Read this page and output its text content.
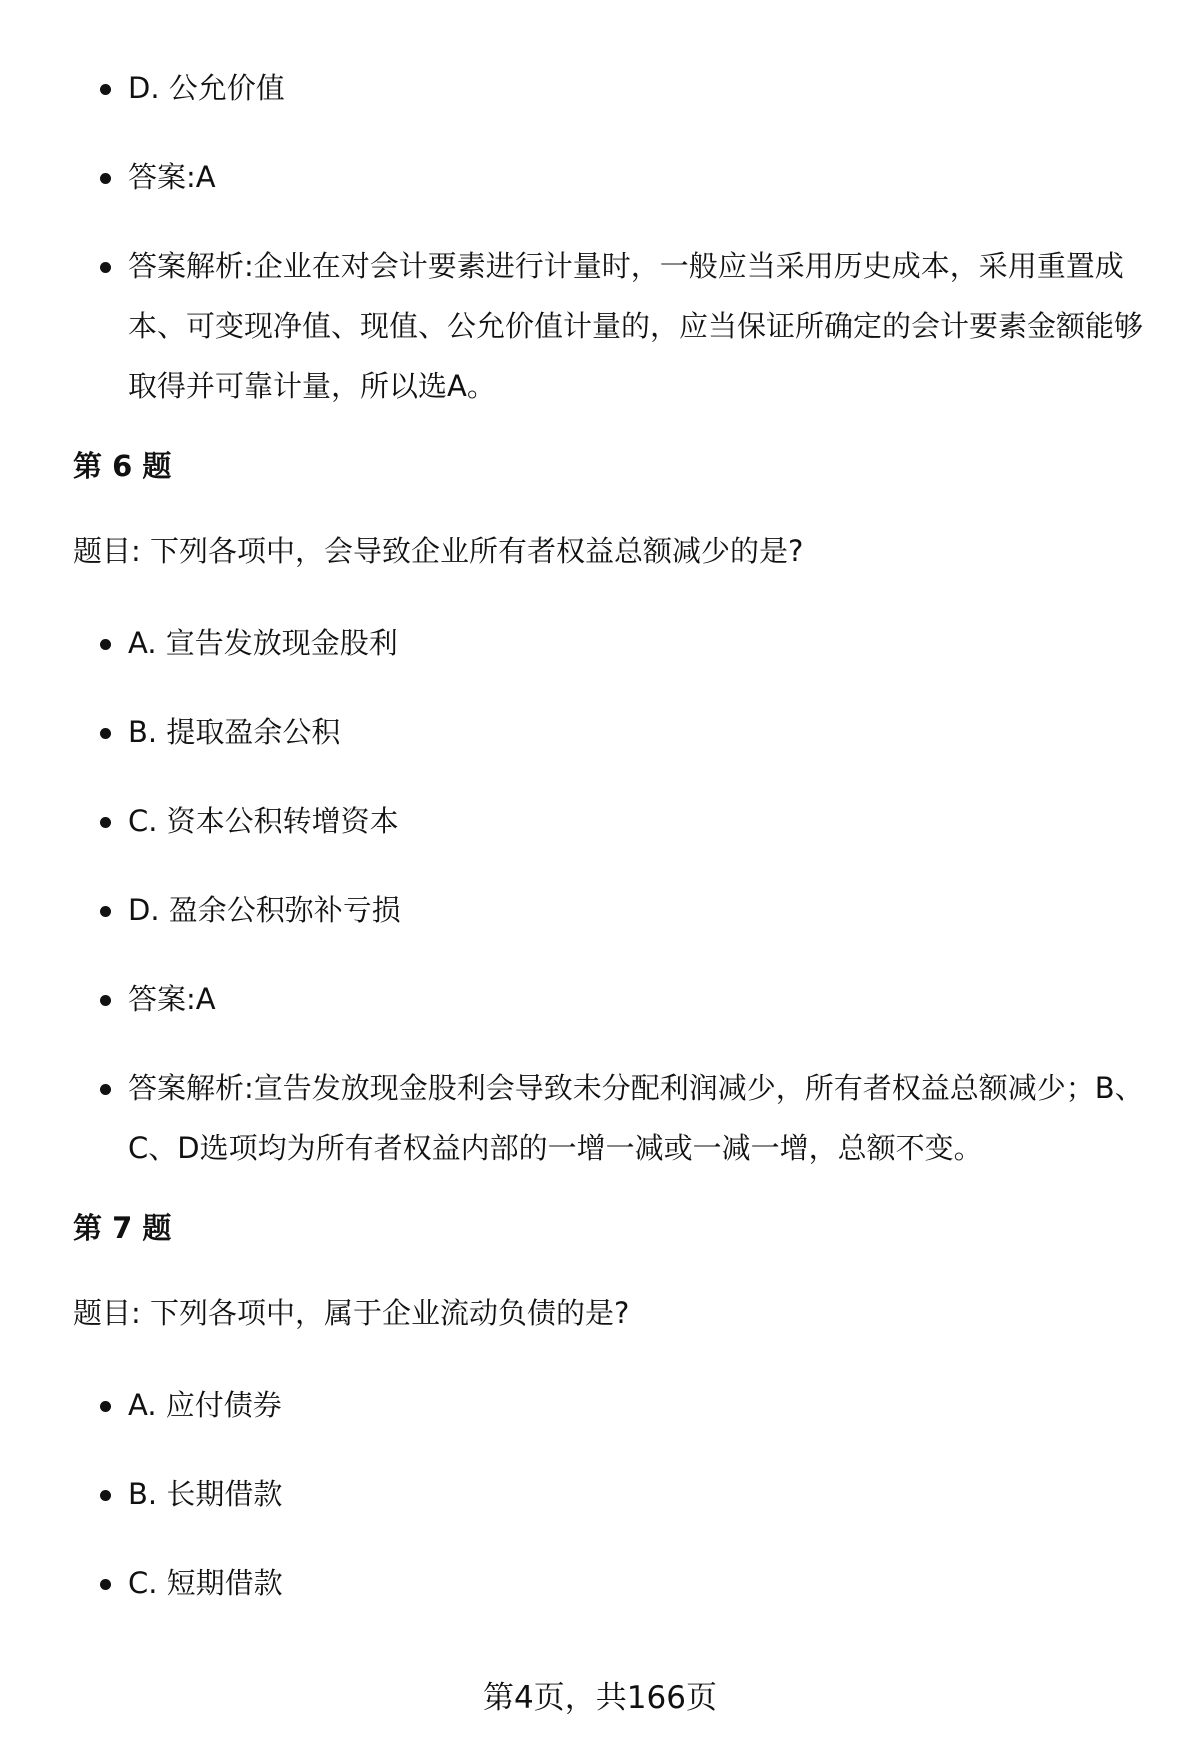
D. 公允价值
答案:A
答案解析:企业在对会计要素进行计量时，一般应当采用历史成本，采用重置成本、可变现净值、现值、公允价值计量的，应当保证所确定的会计要素金额能够取得并可靠计量，所以选A。
第 6 题
题目: 下列各项中，会导致企业所有者权益总额减少的是?
A. 宣告发放现金股利
B. 提取盈余公积
C. 资本公积转增资本
D. 盈余公积弥补亏损
答案:A
答案解析:宣告发放现金股利会导致未分配利润减少，所有者权益总额减少；B、C、D选项均为所有者权益内部的一增一减或一减一增，总额不变。
第 7 题
题目: 下列各项中，属于企业流动负债的是?
A. 应付债券
B. 长期借款
C. 短期借款
第4页，共166页
